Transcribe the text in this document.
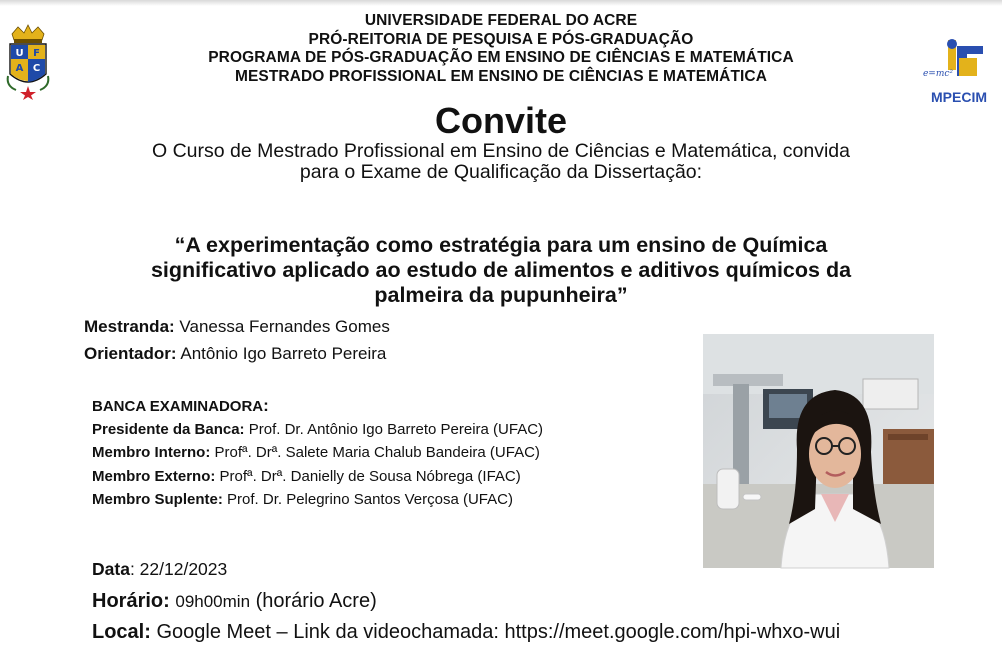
U F
A C
UNIVERSIDADE FEDERAL DO ACRE
PRÓ-REITORIA DE PESQUISA E PÓS-GRADUAÇÃO
PROGRAMA DE PÓS-GRADUAÇÃO EM ENSINO DE CIÊNCIAS E MATEMÁTICA
MESTRADO PROFISSIONAL EM ENSINO DE CIÊNCIAS E MATEMÁTICA	e=mc²
MPECIM
Convite
O Curso de Mestrado Profissional em Ensino de Ciências e Matemática, convida
para o Exame de Qualificação da Dissertação:
“A experimentação como estratégia para um ensino de Química
significativo aplicado ao estudo de alimentos e aditivos químicos da
palmeira da pupunheira”
Mestranda: Vanessa Fernandes Gomes
Orientador: Antônio Igo Barreto Pereira
BANCA EXAMINADORA:
Presidente da Banca: Prof. Dr. Antônio Igo Barreto Pereira (UFAC)
Membro Interno: Profª. Drª. Salete Maria Chalub Bandeira (UFAC)
Membro Externo: Profª. Drª. Danielly de Sousa Nóbrega (IFAC)
Membro Suplente: Prof. Dr. Pelegrino Santos Verçosa (UFAC)
Data: 22/12/2023
Horário: 09h00min (horário Acre)
Local: Google Meet – Link da videochamada: https://meet.google.com/hpi-whxo-wui
